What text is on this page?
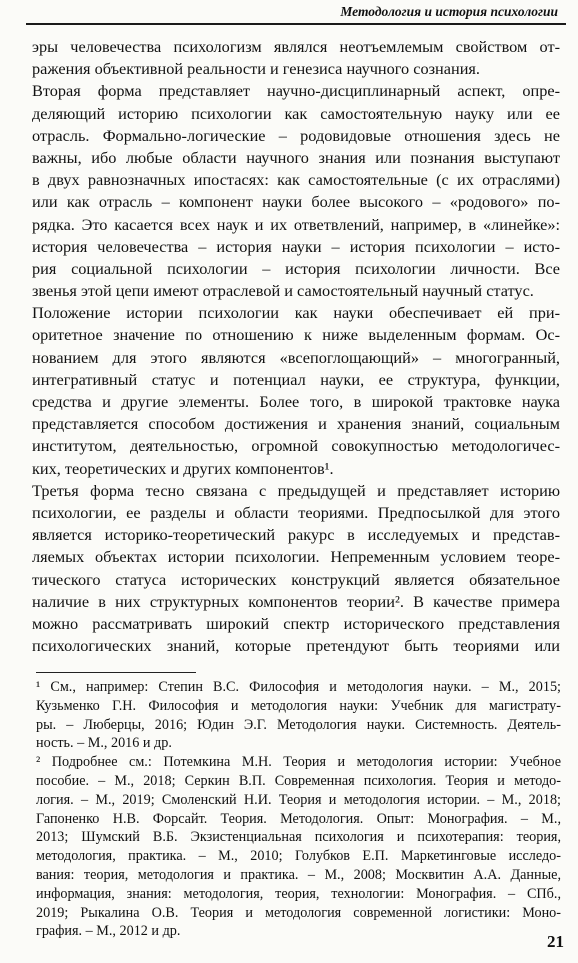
Методология и история психологии
эры человечества психологизм являлся неотъемлемым свойством от-
ражения объективной реальности и генезиса научного сознания.
Вторая форма представляет научно-дисциплинарный аспект, опре-
деляющий историю психологии как самостоятельную науку или ее
отрасль. Формально-логические – родовидовые отношения здесь не
важны, ибо любые области научного знания или познания выступают
в двух равнозначных ипостасях: как самостоятельные (с их отраслями)
или как отрасль – компонент науки более высокого – «родового» по-
рядка. Это касается всех наук и их ответвлений, например, в «линейке»:
история человечества – история науки – история психологии – исто-
рия социальной психологии – история психологии личности. Все
звенья этой цепи имеют отраслевой и самостоятельный научный статус.
Положение истории психологии как науки обеспечивает ей при-
оритетное значение по отношению к ниже выделенным формам. Ос-
нованием для этого являются «всепоглощающий» – многогранный,
интегративный статус и потенциал науки, ее структура, функции,
средства и другие элементы. Более того, в широкой трактовке наука
представляется способом достижения и хранения знаний, социальным
институтом, деятельностью, огромной совокупностью методологичес-
ких, теоретических и других компонентов¹.
Третья форма тесно связана с предыдущей и представляет историю
психологии, ее разделы и области теориями. Предпосылкой для этого
является историко-теоретический ракурс в исследуемых и представ-
ляемых объектах истории психологии. Непременным условием теоре-
тического статуса исторических конструкций является обязательное
наличие в них структурных компонентов теории². В качестве примера
можно рассматривать широкий спектр исторического представления
психологических знаний, которые претендуют быть теориями или
¹ См., например: Степин В.С. Философия и методология науки. – М., 2015;
Кузьменко Г.Н. Философия и методология науки: Учебник для магистрату-
ры. – Люберцы, 2016; Юдин Э.Г. Методология науки. Системность. Деятель-
ность. – М., 2016 и др.
² Подробнее см.: Потемкина М.Н. Теория и методология истории: Учебное
пособие. – М., 2018; Серкин В.П. Современная психология. Теория и методо-
логия. – М., 2019; Смоленский Н.И. Теория и методология истории. – М., 2018;
Гапоненко Н.В. Форсайт. Теория. Методология. Опыт: Монография. – М.,
2013; Шумский В.Б. Экзистенциальная психология и психотерапия: теория,
методология, практика. – М., 2010; Голубков Е.П. Маркетинговые исследо-
вания: теория, методология и практика. – М., 2008; Москвитин А.А. Данные,
информация, знания: методология, теория, технологии: Монография. – СПб.,
2019; Рыкалина О.В. Теория и методология современной логистики: Моно-
графия. – М., 2012 и др.
21
